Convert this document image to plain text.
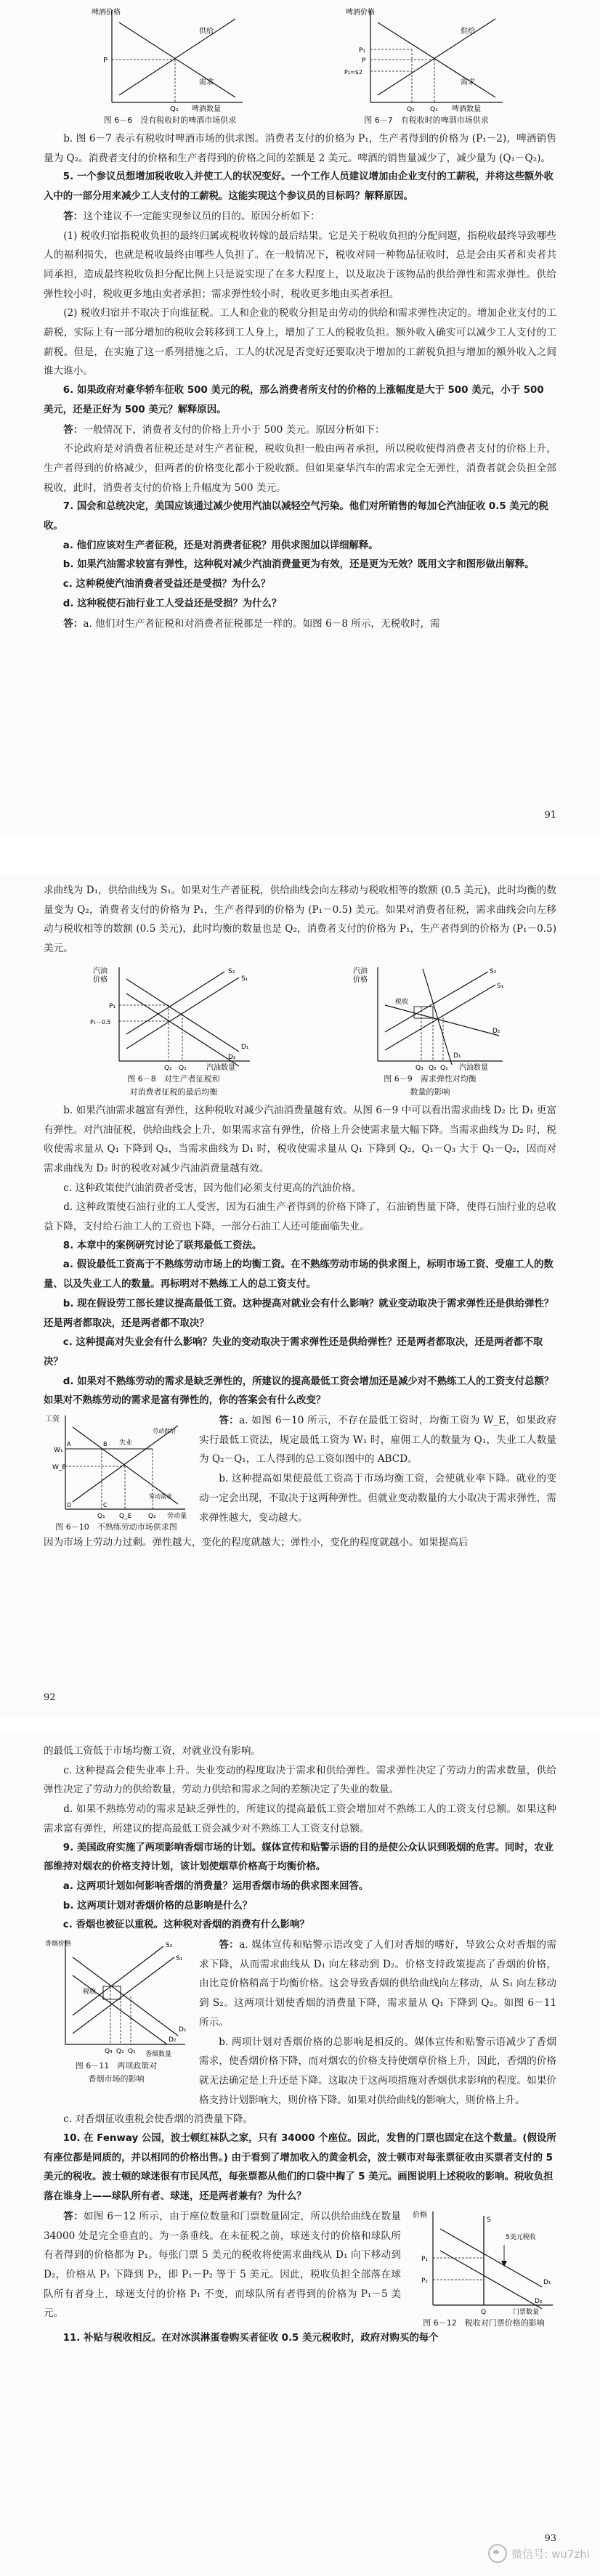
啤酒价格
供给
需求
P
Q₁ 啤酒数量
图 6－6　没有税收时的啤酒市场供求
啤酒价格
供给
需求
P₁
P
P₂=$2
Q₂ Q₁ 啤酒数量
图 6－7　有税收时的啤酒市场供求

b. 图 6－7 表示有税收时啤酒市场的供求图。消费者支付的价格为 P₁，生产者得到的价格为 (P₁－2)，啤酒销售量为 Q₂。消费者支付的价格和生产者得到的价格之间的差额是 2 美元。啤酒的销售量减少了，减少量为 (Q₁－Q₂)。

5. 一个参议员想增加税收收入并使工人的状况变好。一个工作人员建议增加由企业支付的工薪税，并将这些额外收入中的一部分用来减少工人支付的工薪税。这能实现这个参议员的目标吗？解释原因。

答：这个建议不一定能实现参议员的目的。原因分析如下：

(1) 税收归宿指税收负担的最终归属或税收转嫁的最后结果。它是关于税收负担的分配问题，指税收最终导致哪些人的福利损失，也就是税收最终由哪些人负担了。在一般情况下，税收对同一种物品征收时，总是会由买者和卖者共同承担，造成最终税收负担分配比例上只是说实现了在多大程度上，以及取决于该物品的供给弹性和需求弹性。供给弹性较小时，税收更多地由卖者承担；需求弹性较小时，税收更多地由买者承担。

(2) 税收归宿并不取决于向谁征税。工人和企业的税收分担是由劳动的供给和需求弹性决定的。增加企业支付的工薪税，实际上有一部分增加的税收会转移到工人身上，增加了工人的税收负担。额外收入确实可以减少工人支付的工薪税。但是，在实施了这一系列措施之后，工人的状况是否变好还要取决于增加的工薪税负担与增加的额外收入之间谁大谁小。

6. 如果政府对豪华轿车征收 500 美元的税，那么消费者所支付的价格的上涨幅度是大于 500 美元，小于 500 美元，还是正好为 500 美元？解释原因。

答：一般情况下，消费者支付的价格上升小于 500 美元。原因分析如下：

不论政府是对消费者征税还是对生产者征税，税收负担一般由两者承担，所以税收使得消费者支付的价格上升，生产者得到的价格减少，但两者的价格变化都小于税收额。但如果豪华汽车的需求完全无弹性，消费者就会负担全部税收，此时，消费者支付的价格上升幅度为 500 美元。

7. 国会和总统决定，美国应该通过减少使用汽油以减轻空气污染。他们对所销售的每加仑汽油征收 0.5 美元的税收。

a. 他们应该对生产者征税，还是对消费者征税？用供求图加以详细解释。

b. 如果汽油需求较富有弹性，这种税对减少汽油消费量更为有效，还是更为无效？既用文字和图形做出解释。

c. 这种税使汽油消费者受益还是受损？为什么？

d. 这种税使石油行业工人受益还是受损？为什么？

答：a. 他们对生产者征税和对消费者征税都是一样的。如图 6－8 所示，无税收时，需

91

求曲线为 D₁，供给曲线为 S₁。如果对生产者征税，供给曲线会向左移动与税收相等的数额 (0.5 美元)，此时均衡的数量变为 Q₂，消费者支付的价格为 P₁，生产者得到的价格为 (P₁－0.5) 美元。如果对消费者征税，需求曲线会向左移动与税收相等的数额 (0.5 美元)，此时均衡的数量也是 Q₂，消费者支付的价格为 P₁，生产者得到的价格为 (P₁－0.5) 美元。

汽油
价格
S₂
S₁
D₁
D₂
P₁
P₁－0.5
Q₂ Q₁	汽油数量
图 6－8　对生产者征税和
对消费者征税的最后均衡
汽油
价格
税收
S₂
S₁
D₁
D₂
Q₃ Q₂ Q₁ 汽油数量
图 6－9　需求弹性对均衡
数量的影响

b. 如果汽油需求越富有弹性，这种税收对减少汽油消费量越有效。从图 6－9 中可以看出需求曲线 D₂ 比 D₁ 更富有弹性。对汽油征税，供给曲线会上升，如果需求富有弹性，价格上升会使需求量大幅下降。当需求曲线为 D₂ 时，税收使需求量从 Q₁ 下降到 Q₃，当需求曲线为 D₁ 时，税收使需求量从 Q₁ 下降到 Q₂，Q₁－Q₃ 大于 Q₁－Q₂，因而对需求曲线为 D₂ 时的税收对减少汽油消费量越有效。

c. 这种政策使汽油消费者受害，因为他们必须支付更高的汽油价格。

d. 这种政策使石油行业的工人受害，因为石油生产者得到的价格下降了，石油销售量下降，使得石油行业的总收益下降，支付给石油工人的工资也下降，一部分石油工人还可能面临失业。

8. 本章中的案例研究讨论了联邦最低工资法。

a. 假设最低工资高于不熟练劳动市场上的均衡工资。在不熟练劳动市场的供求图上，标明市场工资、受雇工人的数量、以及失业工人的数量。再标明对不熟练工人的总工资支付。

b. 现在假设劳工部长建议提高最低工资。这种提高对就业会有什么影响？就业变动取决于需求弹性还是供给弹性？还是两者都取决，还是两者都不取决？

c. 这种提高对失业会有什么影响？失业的变动取决于需求弹性还是供给弹性？还是两者都取决，还是两者都不取决？

d. 如果对不熟练劳动的需求是缺乏弹性的，所建议的提高最低工资会增加还是减少对不熟练工人的工资支付总额？如果对不熟练劳动的需求是富有弹性的，你的答案会有什么改变？

工资
失业
劳动供给
劳动需求
W₁
W_E
A	B
C
D
Q₁ Q_E	Q₂ 劳动量
图 6－10　不熟练劳动市场供求图

答：a. 如图 6－10 所示，不存在最低工资时，均衡工资为 W_E，如果政府实行最低工资法，规定最低工资为 W₁ 时，雇佣工人的数量为 Q₁，失业工人数量为 Q₂－Q₁，工人得到的总工资如图中的 ABCD。

b. 这种提高如果使最低工资高于市场均衡工资，会使就业率下降。就业的变动一定会出现，不取决于这两种弹性。但就业变动数量的大小取决于需求弹性，需求弹性越大，变动越大。

因为市场上劳动力过剩。弹性越大，变化的程度就越大；弹性小，变化的程度就越小。如果提高后

92

的最低工资低于市场均衡工资，对就业没有影响。

c. 这种提高会使失业率上升。失业变动的程度取决于需求和供给弹性。需求弹性决定了劳动力的需求数量，供给弹性决定了劳动力的供给数量，劳动力供给和需求之间的差额决定了失业的数量。

d. 如果不熟练劳动的需求是缺乏弹性的，所建议的提高最低工资会增加对不熟练工人的工资支付总额。如果这种需求富有弹性，所建议的提高最低工资会减少对不熟练工人工资支付总额。

9. 美国政府实施了两项影响香烟市场的计划。媒体宣传和贴警示语的目的是使公众认识到吸烟的危害。同时，农业部维持对烟农的价格支持计划，该计划使烟草价格高于均衡价格。

a. 这两项计划如何影响香烟的消费量？运用香烟市场的供求图来回答。

b. 这两项计划对香烟价格的总影响是什么？

c. 香烟也被征以重税。这种税对香烟的消费有什么影响？

香烟价格
税收
S₂
S₁
D₁
D₂
Q₃ Q₂ Q₁ 香烟数量
图 6－11　两项政策对
香烟市场的影响

答：a. 媒体宣传和贴警示语改变了人们对香烟的嗜好，导致公众对香烟的需求下降，从而需求曲线从 D₁ 向左移动到 D₂。价格支持政策提高了香烟的价格，由比竞价格稍高于均衡价格。这会导致香烟的供给曲线向左移动，从 S₁ 向左移动到 S₂。这两项计划使香烟的消费量下降，需求量从 Q₁ 下降到 Q₂。如图 6－11 所示。

b. 两项计划对香烟价格的总影响是相反的。媒体宣传和贴警示语减少了香烟需求，使香烟价格下降，而对烟农的价格支持使烟草价格上升，因此，香烟的价格就无法确定是上升还是下降。这取决于这两项措施对香烟供求影响的程度。如果价格支持计划影响大，则价格下降。如果对供给曲线的影响大，则价格上升。

c. 对香烟征收重税会使香烟的消费量下降。

10. 在 Fenway 公园，波士顿红袜队之家，只有 34000 个座位。因此，发售的门票也固定在这个数量。(假设所有座位都是同质的，并以相同的价格出售。) 由于看到了增加收入的黄金机会，波士顿市对每张票征收由买票者支付的 5 美元的税收。波士顿的球迷很有市民风范，每张票都从他们的口袋中掏了 5 美元。画图说明上述税收的影响。税收负担落在谁身上——球队所有者、球迷，还是两者兼有？为什么？

价格
S
5美元税收
D₁
D₂
P₁
P₂
Q	门票数量
图 6－12　税收对门票价格的影响

答：如图 6－12 所示，由于座位数量和门票数量固定，所以供给曲线在数量 34000 处是完全垂直的。为一条垂线。在未征税之前，球迷支付的价格和球队所有者得到的价格都为 P₁。每张门票 5 美元的税收将使需求曲线从 D₁ 向下移动到 D₂，价格从 P₁ 下降到 P₂，即 P₁－P₂ 等于 5 美元。因此，税收负担全部落在球队所有者身上，球迷支付的价格 P₁ 不变，而球队所有者得到的价格为 P₁－5 美元。

11. 补贴与税收相反。在对冰淇淋蛋卷购买者征收 0.5 美元税收时，政府对购买的每个

93
微信号: wu7zhi
